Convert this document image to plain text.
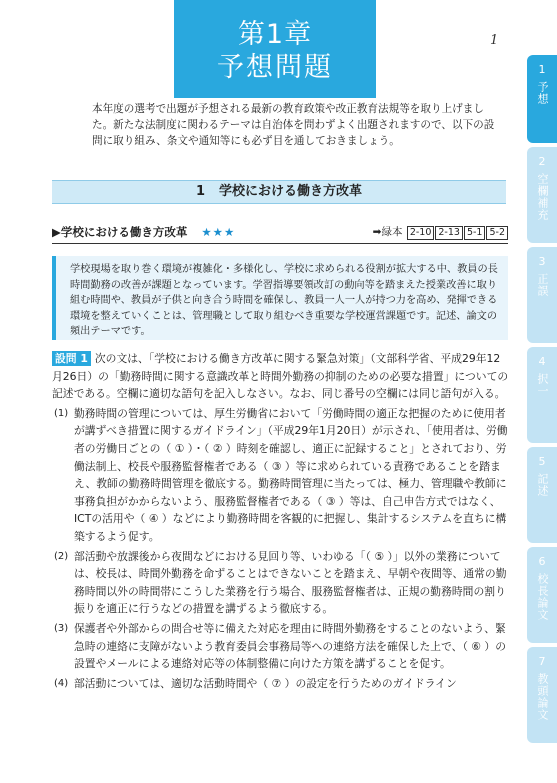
第1章
予想問題
1

本年度の選考で出題が予想される最新の教育政策や改正教育法規等を取り上げました。新たな法制度に関わるテーマは自治体を問わずよく出題されますので、以下の設問に取り組み、条文や通知等にも必ず目を通しておきましょう。

1 学校における働き方改革
▶学校における働き方改革 ★★★	➡緑本 2-10 2-13 5-1 5-2
学校現場を取り巻く環境が複雑化・多様化し、学校に求められる役割が拡大する中、教員の長時間勤務の改善が課題となっています。学習指導要領改訂の動向等を踏まえた授業改善に取り組む時間や、教員が子供と向き合う時間を確保し、教員一人一人が持つ力を高め、発揮できる環境を整えていくことは、管理職として取り組むべき重要な学校運営課題です。記述、論文の頻出テーマです。
設問 1 次の文は、「学校における働き方改革に関する緊急対策」（文部科学省、平成29年12月26日）の「勤務時間に関する意識改革と時間外勤務の抑制のための必要な措置」についての記述である。空欄に適切な語句を記入しなさい。なお、同じ番号の空欄には同じ語句が入る。
(1) 勤務時間の管理については、厚生労働省において「労働時間の適正な把握のために使用者が講ずべき措置に関するガイドライン」（平成29年1月20日）が示され、「使用者は、労働者の労働日ごとの（ ① ）・（ ② ）時刻を確認し、適正に記録すること」とされており、労働法制上、校長や服務監督権者である（ ③ ）等に求められている責務であることを踏まえ、教師の勤務時間管理を徹底する。勤務時間管理に当たっては、極力、管理職や教師に事務負担がかからないよう、服務監督権者である（ ③ ）等は、自己申告方式ではなく、ICTの活用や（ ④ ）などにより勤務時間を客観的に把握し、集計するシステムを直ちに構築するよう促す。
(2) 部活動や放課後から夜間などにおける見回り等、いわゆる「（ ⑤ ）」以外の業務については、校長は、時間外勤務を命ずることはできないことを踏まえ、早朝や夜間等、通常の勤務時間以外の時間帯にこうした業務を行う場合、服務監督権者は、正規の勤務時間の割り振りを適正に行うなどの措置を講ずるよう徹底する。
(3) 保護者や外部からの問合せ等に備えた対応を理由に時間外勤務をすることのないよう、緊急時の連絡に支障がないよう教育委員会事務局等への連絡方法を確保した上で、（ ⑥ ）の設置やメールによる連絡対応等の体制整備に向けた方策を講ずることを促す。
(4) 部活動については、適切な活動時間や（ ⑦ ）の設定を行うためのガイドライン
1
予想
2
空欄補充
3
正誤
4
択一
5
記述
6
校長論文
7
教頭論文
